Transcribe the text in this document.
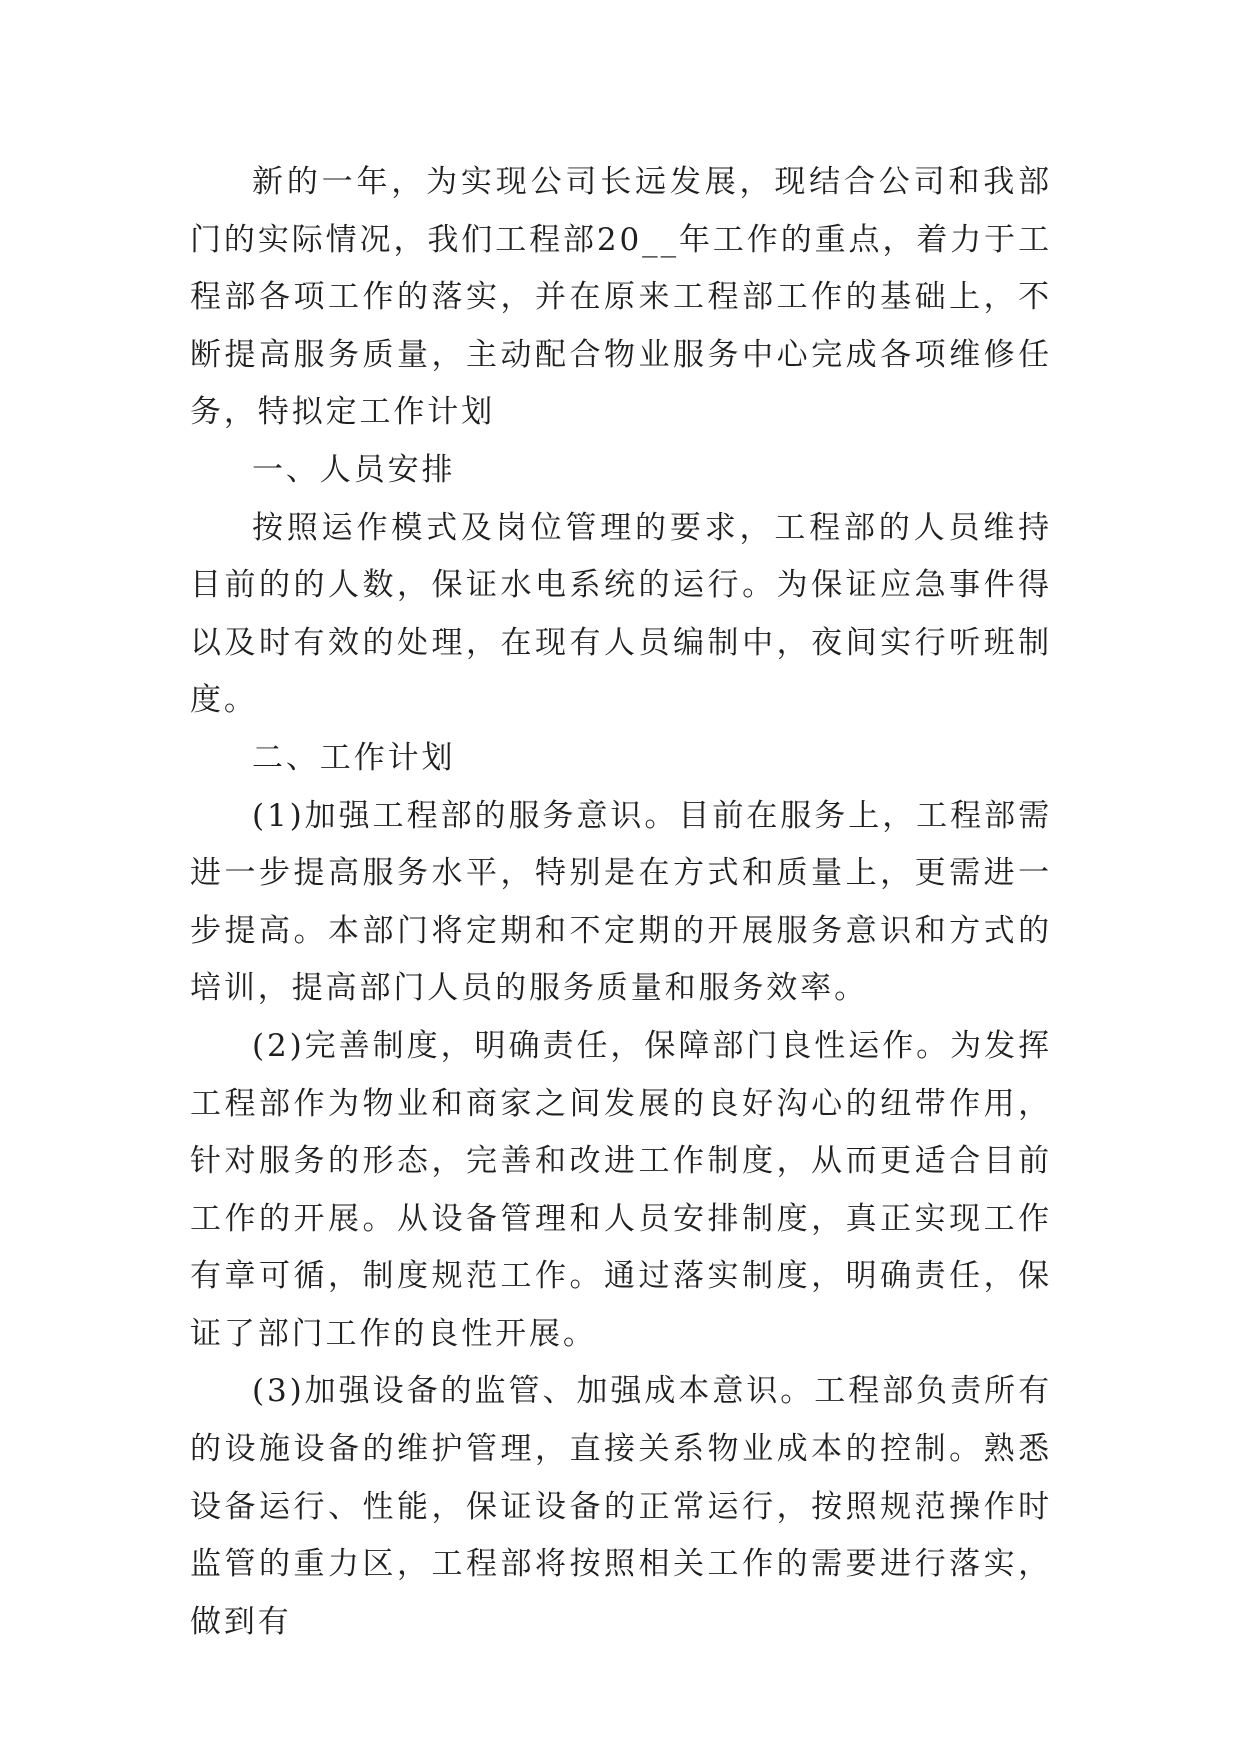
新的一年，为实现公司长远发展，现结合公司和我部门的实际情况，我们工程部20__年工作的重点，着力于工程部各项工作的落实，并在原来工程部工作的基础上，不断提高服务质量，主动配合物业服务中心完成各项维修任务，特拟定工作计划

一、人员安排

按照运作模式及岗位管理的要求，工程部的人员维持目前的的人数，保证水电系统的运行。为保证应急事件得以及时有效的处理，在现有人员编制中，夜间实行听班制度。

二、工作计划

(1)加强工程部的服务意识。目前在服务上，工程部需进一步提高服务水平，特别是在方式和质量上，更需进一步提高。本部门将定期和不定期的开展服务意识和方式的培训，提高部门人员的服务质量和服务效率。

(2)完善制度，明确责任，保障部门良性运作。为发挥工程部作为物业和商家之间发展的良好沟心的纽带作用，针对服务的形态，完善和改进工作制度，从而更适合目前工作的开展。从设备管理和人员安排制度，真正实现工作有章可循，制度规范工作。通过落实制度，明确责任，保证了部门工作的良性开展。

(3)加强设备的监管、加强成本意识。工程部负责所有的设施设备的维护管理，直接关系物业成本的控制。熟悉设备运行、性能，保证设备的正常运行，按照规范操作时监管的重力区，工程部将按照相关工作的需要进行落实，做到有
